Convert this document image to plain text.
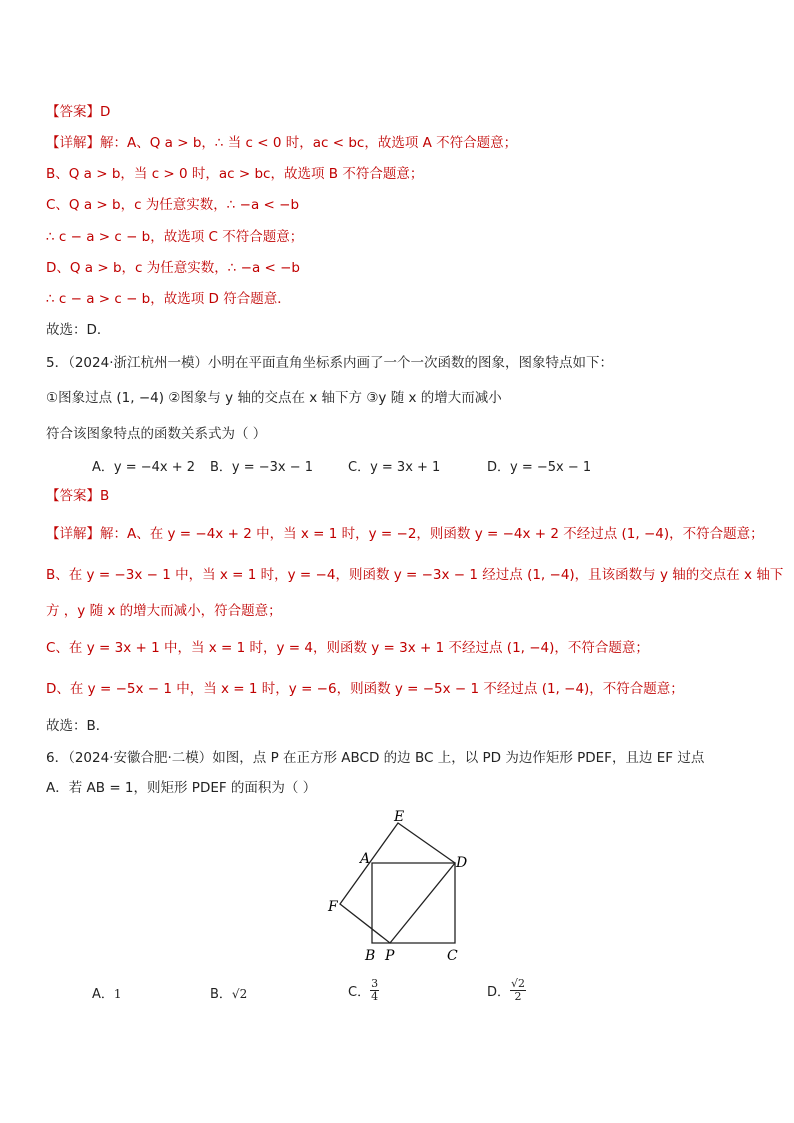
【答案】D
【详解】解：A、Q a > b，∴ 当 c < 0 时，ac < bc，故选项 A 不符合题意；
B、Q a > b，当 c > 0 时，ac > bc，故选项 B 不符合题意；
C、Q a > b，c 为任意实数，∴ −a < −b
∴ c − a > c − b，故选项 C 不符合题意；
D、Q a > b，c 为任意实数，∴ −a < −b
∴ c − a > c − b，故选项 D 符合题意．
故选：D．
5．（2024·浙江杭州一模）小明在平面直角坐标系内画了一个一次函数的图象，图象特点如下：
①图象过点 (1, −4) ②图象与 y 轴的交点在 x 轴下方 ③y 随 x 的增大而减小
符合该图象特点的函数关系式为（ ）
A．y = −4x + 2 B．y = −3x − 1	C．y = 3x + 1	D．y = −5x − 1
【答案】B
【详解】解：A、在 y = −4x + 2 中，当 x = 1 时，y = −2，则函数 y = −4x + 2 不经过点 (1, −4)，不符合题意；
B、在 y = −3x − 1 中，当 x = 1 时，y = −4，则函数 y = −3x − 1 经过点 (1, −4)，且该函数与 y 轴的交点在 x 轴下
方 ，y 随 x 的增大而减小，符合题意；
C、在 y = 3x + 1 中，当 x = 1 时，y = 4，则函数 y = 3x + 1 不经过点 (1, −4)，不符合题意；
D、在 y = −5x − 1 中，当 x = 1 时，y = −6，则函数 y = −5x − 1 不经过点 (1, −4)，不符合题意；
故选：B．
6．（2024·安徽合肥·二模）如图，点 P 在正方形 ABCD 的边 BC 上，以 PD 为边作矩形 PDEF，且边 EF 过点
A．若 AB = 1，则矩形 PDEF 的面积为（ ）
E
A	D
F
B P	C
A．1	B．√2	C． $\frac{3}{4}$	D． $\frac{√2}{2}$
